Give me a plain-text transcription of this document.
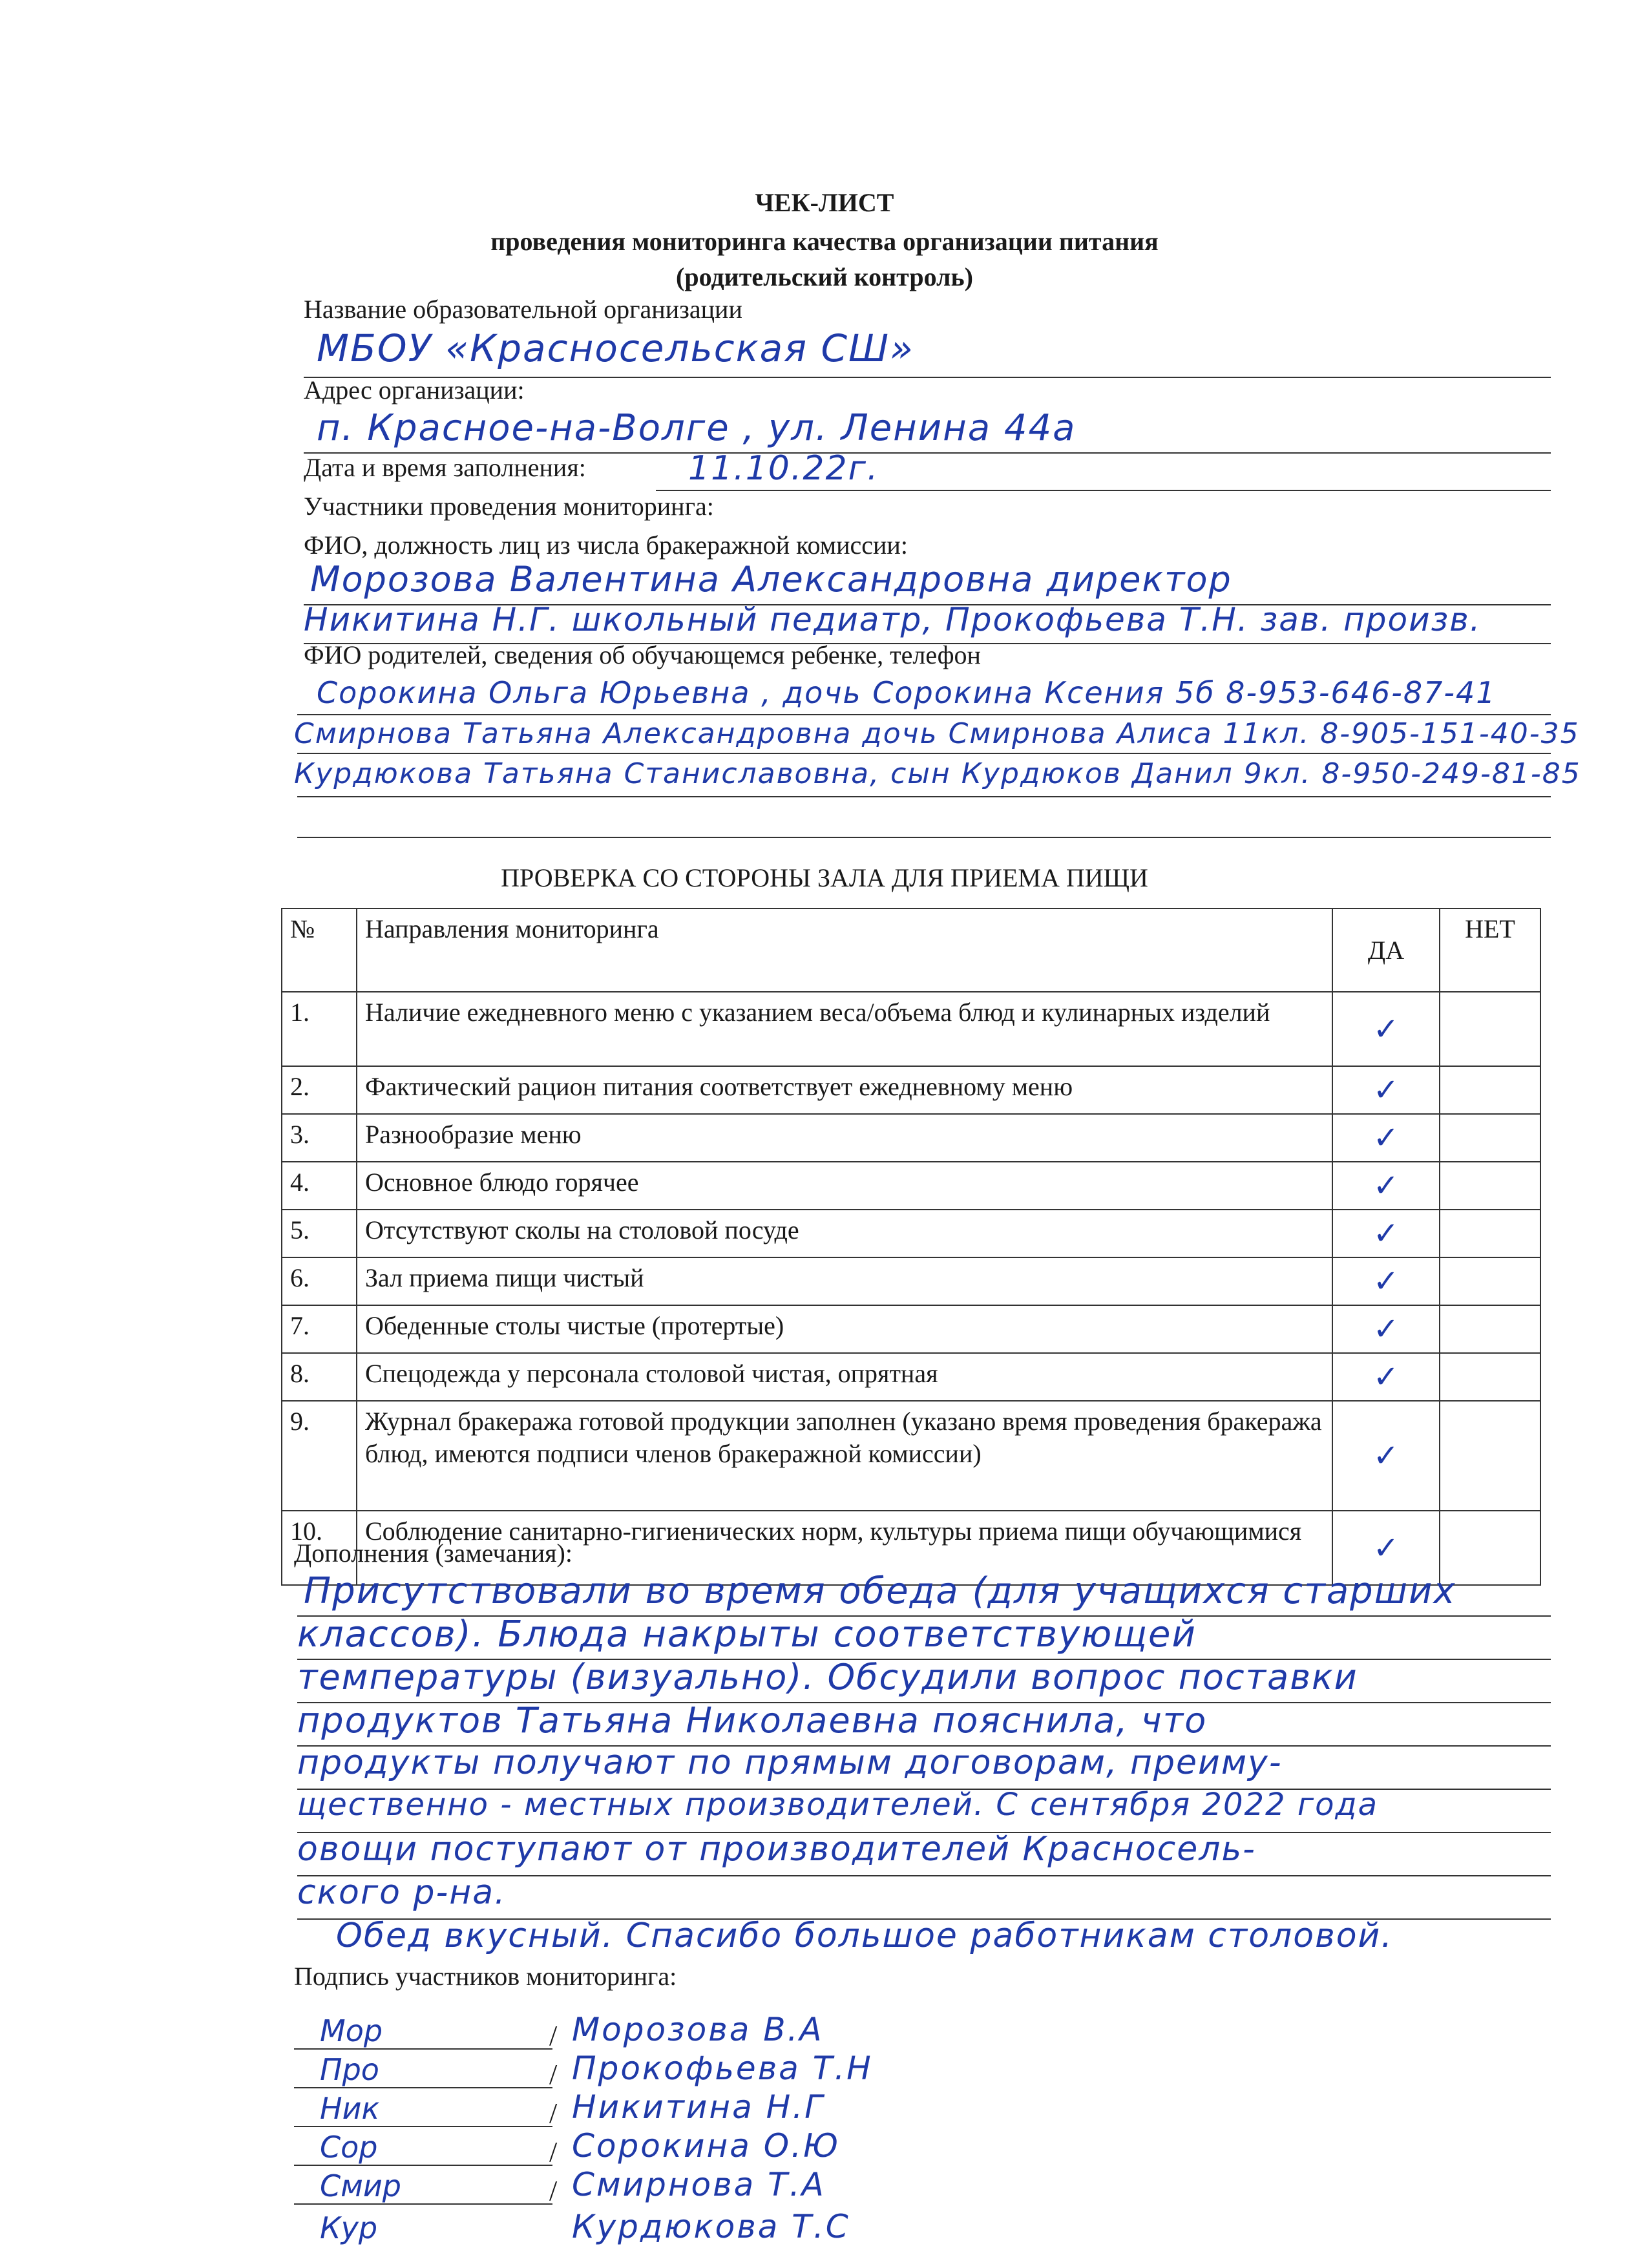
ЧЕК-ЛИСТ
проведения мониторинга качества организации питания
(родительский контроль)
Название образовательной организации
МБОУ «Красносельская СШ»
Адрес организации:
п. Красное-на-Волге , ул. Ленина 44а
Дата и время заполнения:	11.10.22г.
Участники проведения мониторинга:
ФИО, должность лиц из числа бракеражной комиссии:
Морозова Валентина Александровна директор
Никитина Н.Г. школьный педиатр, Прокофьева Т.Н. зав. произв.
ФИО родителей, сведения об обучающемся ребенке, телефон
Сорокина Ольга Юрьевна , дочь Сорокина Ксения 5б 8-953-646-87-41
Смирнова Татьяна Александровна дочь Смирнова Алиса 11кл. 8-905-151-40-35
Курдюкова Татьяна Станиславовна, сын Курдюков Данил 9кл. 8-950-249-81-85
ПРОВЕРКА СО СТОРОНЫ ЗАЛА ДЛЯ ПРИЕМА ПИЩИ
№	Направления мониторинга	ДА	НЕТ
1.	Наличие ежедневного меню с указанием веса/объема блюд и кулинарных изделий	✓	
2.	Фактический рацион питания соответствует ежедневному меню	✓	
3.	Разнообразие меню	✓	
4.	Основное блюдо горячее	✓	
5.	Отсутствуют сколы на столовой посуде	✓	
6.	Зал приема пищи чистый	✓	
7.	Обеденные столы чистые (протертые)	✓	
8.	Спецодежда у персонала столовой чистая, опрятная	✓	
9.	Журнал бракеража готовой продукции заполнен (указано время проведения бракеража блюд, имеются подписи членов бракеражной комиссии)	✓	
10.	Соблюдение санитарно-гигиенических норм, культуры приема пищи обучающимися	✓	
Дополнения (замечания):
Присутствовали во время обеда (для учащихся старших
классов). Блюда накрыты соответствующей
температуры (визуально). Обсудили вопрос поставки
продуктов Татьяна Николаевна пояснила, что
продукты получают по прямым договорам, преиму-
щественно - местных производителей. С сентября 2022 года
овощи поступают от производителей Красносель-
ского р-на.
Обед вкусный. Спасибо большое работникам столовой.
Подпись участников мониторинга:
Мор	/ Морозова В.А
Про	/ Прокофьева Т.Н
Ник	/ Никитина Н.Г
Сор	/ Сорокина О.Ю
Смир	/ Смирнова Т.А
Кур	Курдюкова Т.С
